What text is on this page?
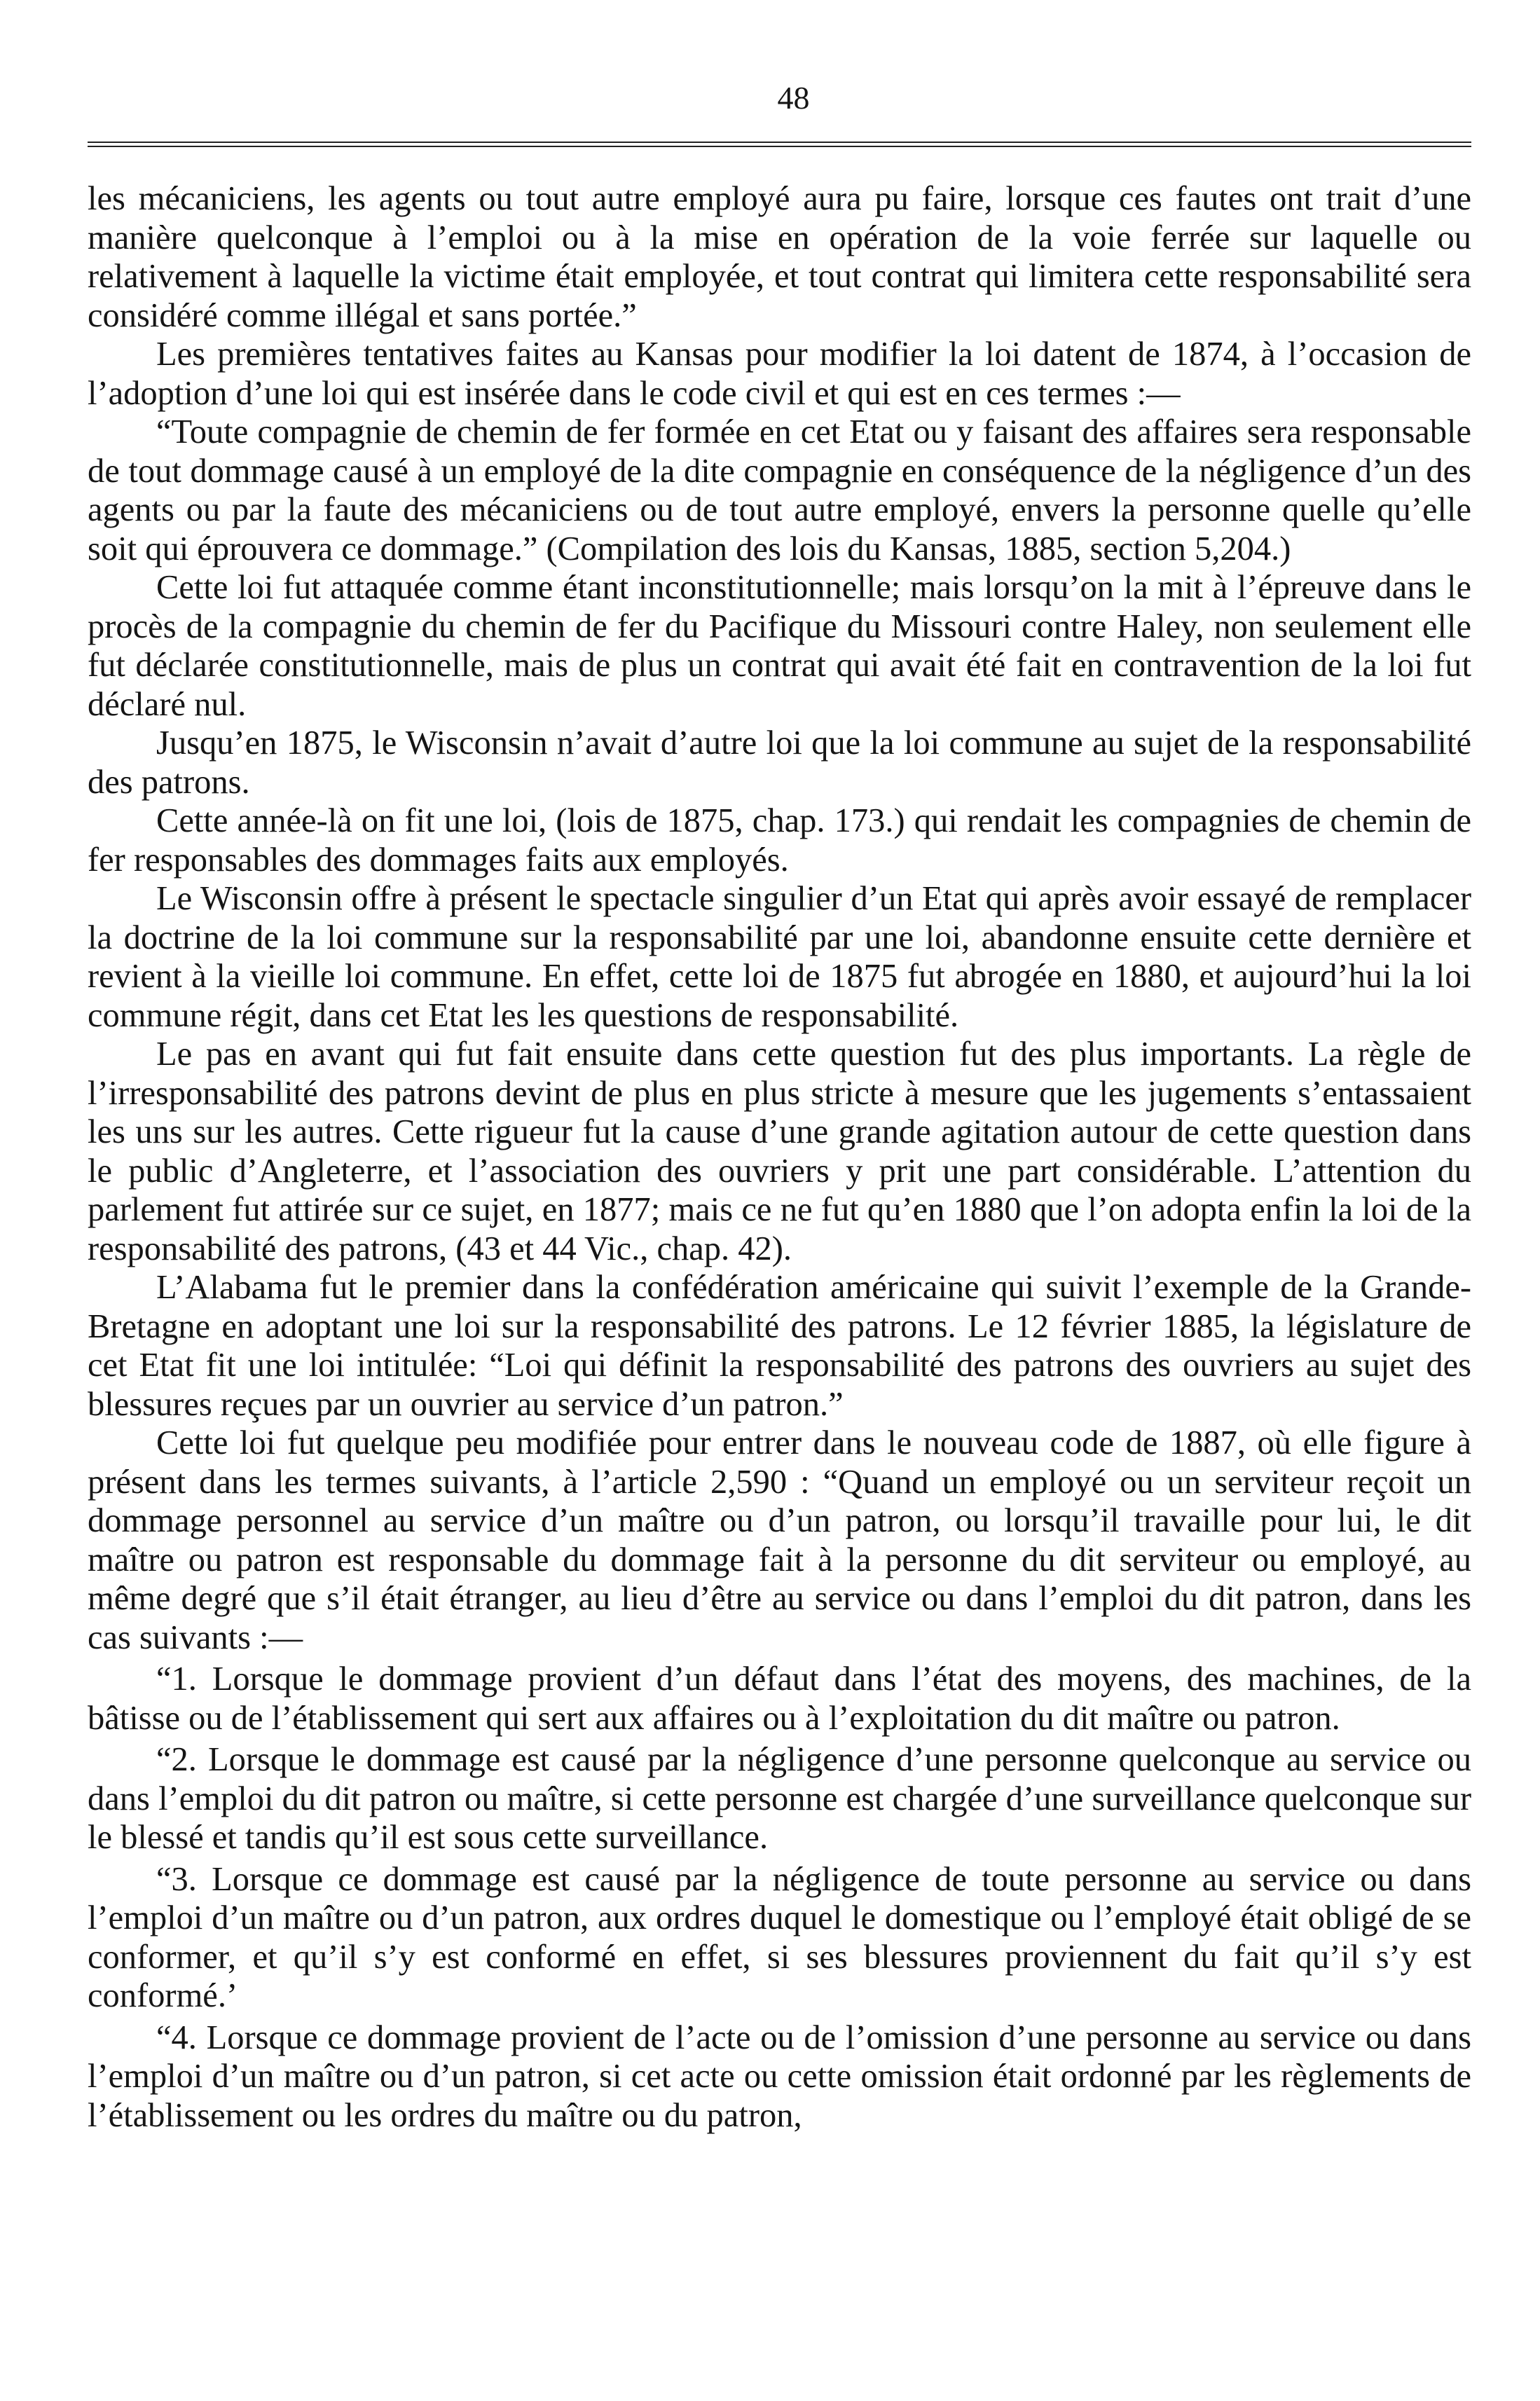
48

les mécaniciens, les agents ou tout autre employé aura pu faire, lorsque ces fautes ont trait d’une manière quelconque à l’emploi ou à la mise en opération de la voie ferrée sur laquelle ou relativement à laquelle la victime était employée, et tout contrat qui limitera cette responsabilité sera considéré comme illégal et sans portée.”

Les premières tentatives faites au Kansas pour modifier la loi datent de 1874, à l’occasion de l’adoption d’une loi qui est insérée dans le code civil et qui est en ces termes :—

“Toute compagnie de chemin de fer formée en cet Etat ou y faisant des affaires sera responsable de tout dommage causé à un employé de la dite compagnie en conséquence de la négligence d’un des agents ou par la faute des mécaniciens ou de tout autre employé, envers la personne quelle qu’elle soit qui éprouvera ce dommage.” (Compilation des lois du Kansas, 1885, section 5,204.)

Cette loi fut attaquée comme étant inconstitutionnelle; mais lorsqu’on la mit à l’épreuve dans le procès de la compagnie du chemin de fer du Pacifique du Missouri contre Haley, non seulement elle fut déclarée constitutionnelle, mais de plus un contrat qui avait été fait en contravention de la loi fut déclaré nul.

Jusqu’en 1875, le Wisconsin n’avait d’autre loi que la loi commune au sujet de la responsabilité des patrons.

Cette année-là on fit une loi, (lois de 1875, chap. 173.) qui rendait les compagnies de chemin de fer responsables des dommages faits aux employés.

Le Wisconsin offre à présent le spectacle singulier d’un Etat qui après avoir essayé de remplacer la doctrine de la loi commune sur la responsabilité par une loi, abandonne ensuite cette dernière et revient à la vieille loi commune. En effet, cette loi de 1875 fut abrogée en 1880, et aujourd’hui la loi commune régit, dans cet Etat les les questions de responsabilité.

Le pas en avant qui fut fait ensuite dans cette question fut des plus importants. La règle de l’irresponsabilité des patrons devint de plus en plus stricte à mesure que les jugements s’entassaient les uns sur les autres. Cette rigueur fut la cause d’une grande agitation autour de cette question dans le public d’Angleterre, et l’association des ouvriers y prit une part considérable. L’attention du parlement fut attirée sur ce sujet, en 1877; mais ce ne fut qu’en 1880 que l’on adopta enfin la loi de la responsabilité des patrons, (43 et 44 Vic., chap. 42).

L’Alabama fut le premier dans la confédération américaine qui suivit l’exemple de la Grande-Bretagne en adoptant une loi sur la responsabilité des patrons. Le 12 février 1885, la législature de cet Etat fit une loi intitulée: “Loi qui définit la responsabilité des patrons des ouvriers au sujet des blessures reçues par un ouvrier au service d’un patron.”

Cette loi fut quelque peu modifiée pour entrer dans le nouveau code de 1887, où elle figure à présent dans les termes suivants, à l’article 2,590 : “Quand un employé ou un serviteur reçoit un dommage personnel au service d’un maître ou d’un patron, ou lorsqu’il travaille pour lui, le dit maître ou patron est responsable du dommage fait à la personne du dit serviteur ou employé, au même degré que s’il était étranger, au lieu d’être au service ou dans l’emploi du dit patron, dans les cas suivants :—

“1. Lorsque le dommage provient d’un défaut dans l’état des moyens, des machines, de la bâtisse ou de l’établissement qui sert aux affaires ou à l’exploitation du dit maître ou patron.

“2. Lorsque le dommage est causé par la négligence d’une personne quelconque au service ou dans l’emploi du dit patron ou maître, si cette personne est chargée d’une surveillance quelconque sur le blessé et tandis qu’il est sous cette surveillance.

“3. Lorsque ce dommage est causé par la négligence de toute personne au service ou dans l’emploi d’un maître ou d’un patron, aux ordres duquel le domestique ou l’employé était obligé de se conformer, et qu’il s’y est conformé en effet, si ses blessures proviennent du fait qu’il s’y est conformé.’

“4. Lorsque ce dommage provient de l’acte ou de l’omission d’une personne au service ou dans l’emploi d’un maître ou d’un patron, si cet acte ou cette omission était ordonné par les règlements de l’établissement ou les ordres du maître ou du patron,
